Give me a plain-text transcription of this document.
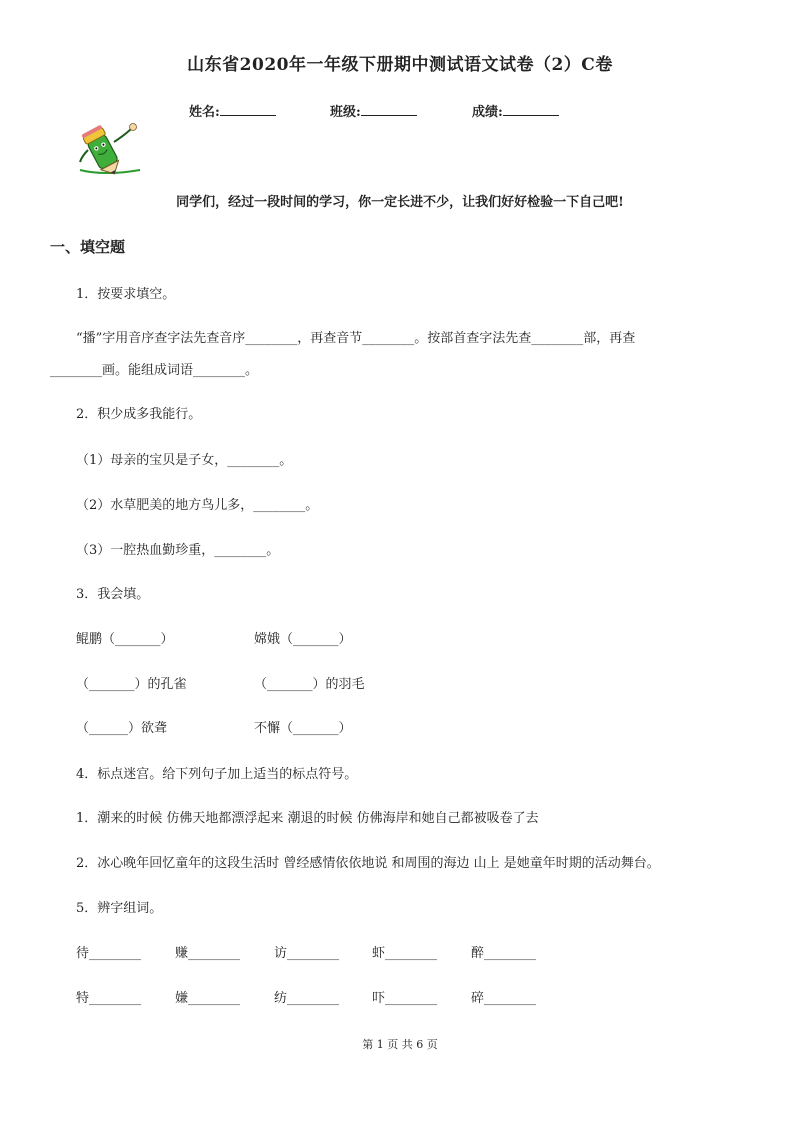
山东省2020年一年级下册期中测试语文试卷（2）C卷
姓名:	班级:	成绩:
同学们，经过一段时间的学习，你一定长进不少，让我们好好检验一下自己吧!
一、填空题
1．按要求填空。
“播”字用音序查字法先查音序________，再查音节________。按部首查字法先查________部，再查
________画。能组成词语________。
2．积少成多我能行。
（1）母亲的宝贝是子女，________。
（2）水草肥美的地方鸟儿多，________。
（3）一腔热血勤珍重，________。
3．我会填。
鲲鹏（_______）	嫦娥（_______）
（_______）的孔雀	（_______）的羽毛
（______）欲聋	不懈（_______）
4．标点迷宫。给下列句子加上适当的标点符号。
1．潮来的时候 仿佛天地都漂浮起来 潮退的时候 仿佛海岸和她自己都被吸卷了去
2．冰心晚年回忆童年的这段生活时 曾经感情依依地说 和周围的海边 山上 是她童年时期的活动舞台。
5．辨字组词。
待________	赚________	访________	虾________	醉________
特________	嫌________	纺________	吓________	碎________
第 1 页 共 6 页
